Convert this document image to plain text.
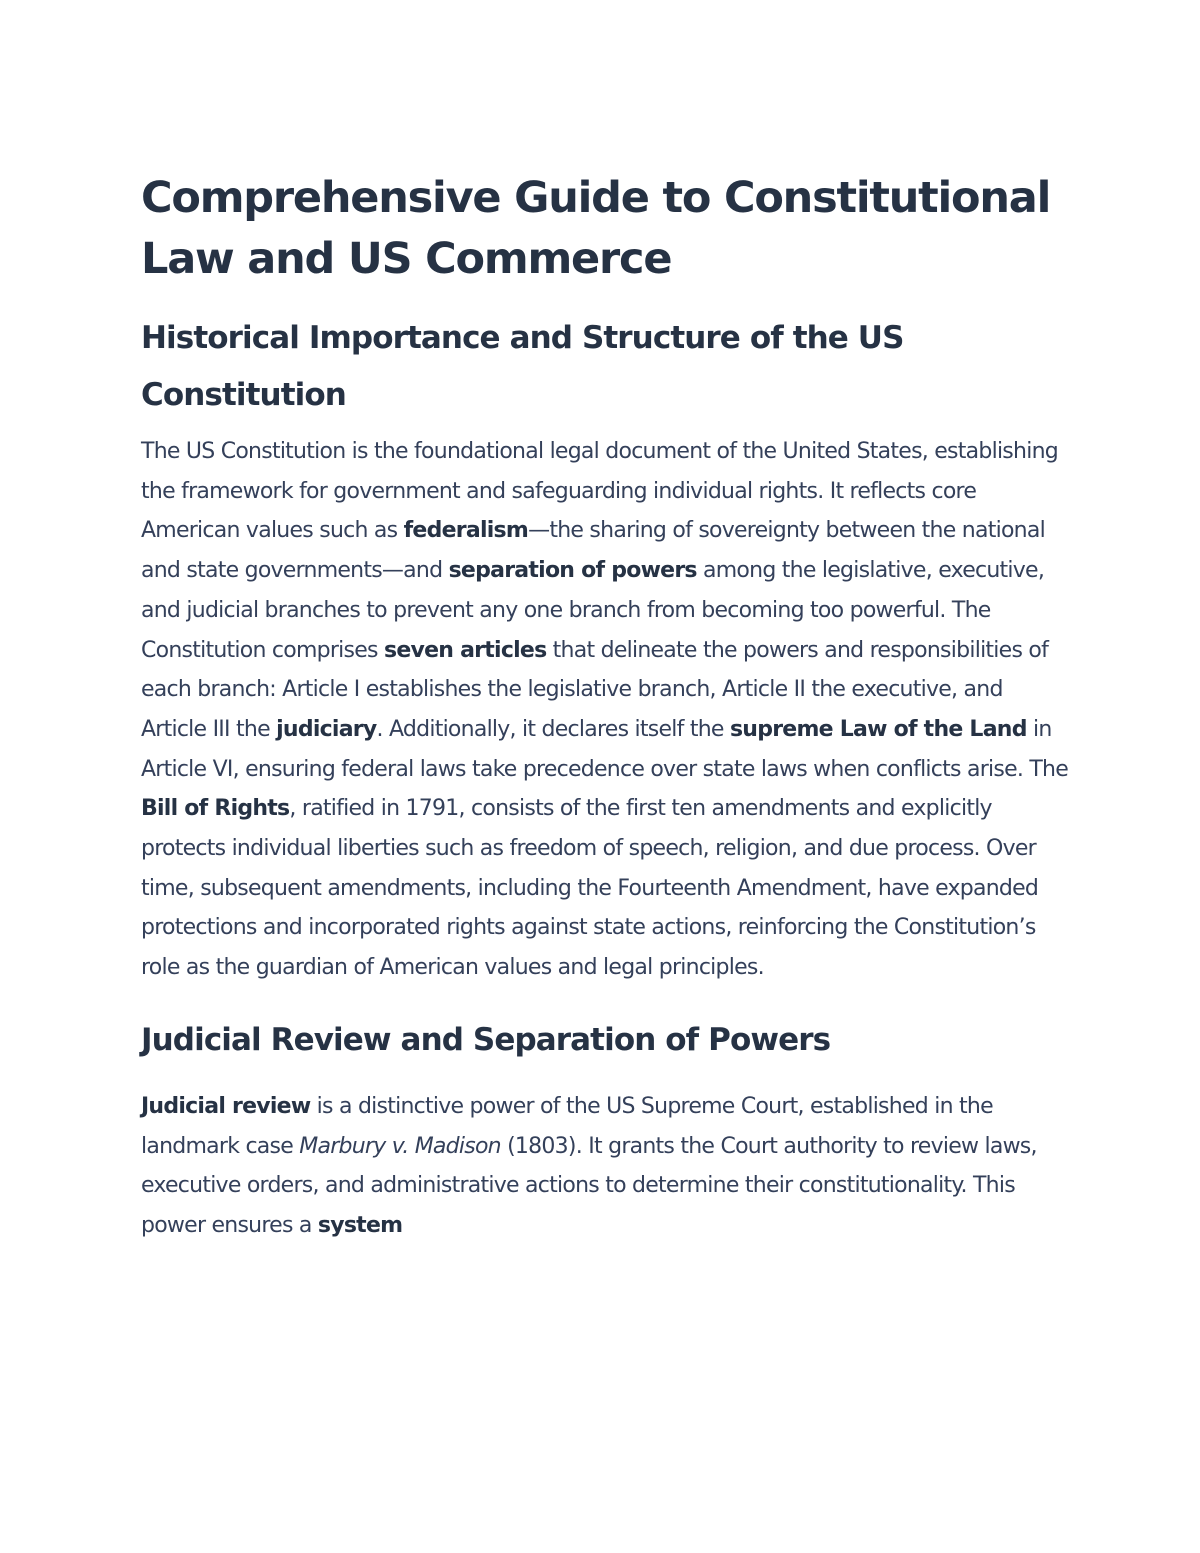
Comprehensive Guide to Constitutional Law and US Commerce
Historical Importance and Structure of the US Constitution

The US Constitution is the foundational legal document of the United States, establishing the framework for government and safeguarding individual rights. It reflects core American values such as federalism—the sharing of sovereignty between the national and state governments—and separation of powers among the legislative, executive, and judicial branches to prevent any one branch from becoming too powerful. The Constitution comprises seven articles that delineate the powers and responsibilities of each branch: Article I establishes the legislative branch, Article II the executive, and Article III the judiciary. Additionally, it declares itself the supreme Law of the Land in Article VI, ensuring federal laws take precedence over state laws when conflicts arise. The Bill of Rights, ratified in 1791, consists of the first ten amendments and explicitly protects individual liberties such as freedom of speech, religion, and due process. Over time, subsequent amendments, including the Fourteenth Amendment, have expanded protections and incorporated rights against state actions, reinforcing the Constitution’s role as the guardian of American values and legal principles.

Judicial Review and Separation of Powers

Judicial review is a distinctive power of the US Supreme Court, established in the landmark case Marbury v. Madison (1803). It grants the Court authority to review laws, executive orders, and administrative actions to determine their constitutionality. This power ensures a system
